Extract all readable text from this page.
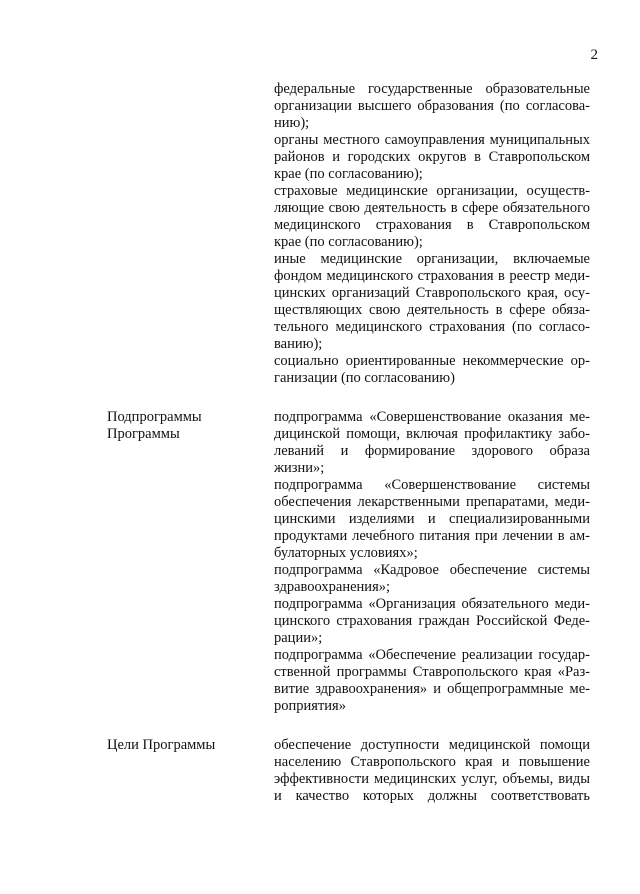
2
федеральные государственные образовательные
организации высшего образования (по согласова-
нию);
органы местного самоуправления муниципальных
районов и городских округов в Ставропольском
крае (по согласованию);
страховые медицинские организации, осуществ-
ляющие свою деятельность в сфере обязательного
медицинского страхования в Ставропольском
крае (по согласованию);
иные медицинские организации, включаемые
фондом медицинского страхования в реестр меди-
цинских организаций Ставропольского края, осу-
ществляющих свою деятельность в сфере обяза-
тельного медицинского страхования (по согласо-
ванию);
социально ориентированные некоммерческие ор-
ганизации (по согласованию)
Подпрограммы
Программы
подпрограмма «Совершенствование оказания ме-
дицинской помощи, включая профилактику забо-
леваний и формирование здорового образа
жизни»;
подпрограмма «Совершенствование системы
обеспечения лекарственными препаратами, меди-
цинскими изделиями и специализированными
продуктами лечебного питания при лечении в ам-
булаторных условиях»;
подпрограмма «Кадровое обеспечение системы
здравоохранения»;
подпрограмма «Организация обязательного меди-
цинского страхования граждан Российской Феде-
рации»;
подпрограмма «Обеспечение реализации государ-
ственной программы Ставропольского края «Раз-
витие здравоохранения» и общепрограммные ме-
роприятия»
Цели Программы	обеспечение доступности медицинской помощи
населению Ставропольского края и повышение
эффективности медицинских услуг, объемы, виды
и качество которых должны соответствовать
